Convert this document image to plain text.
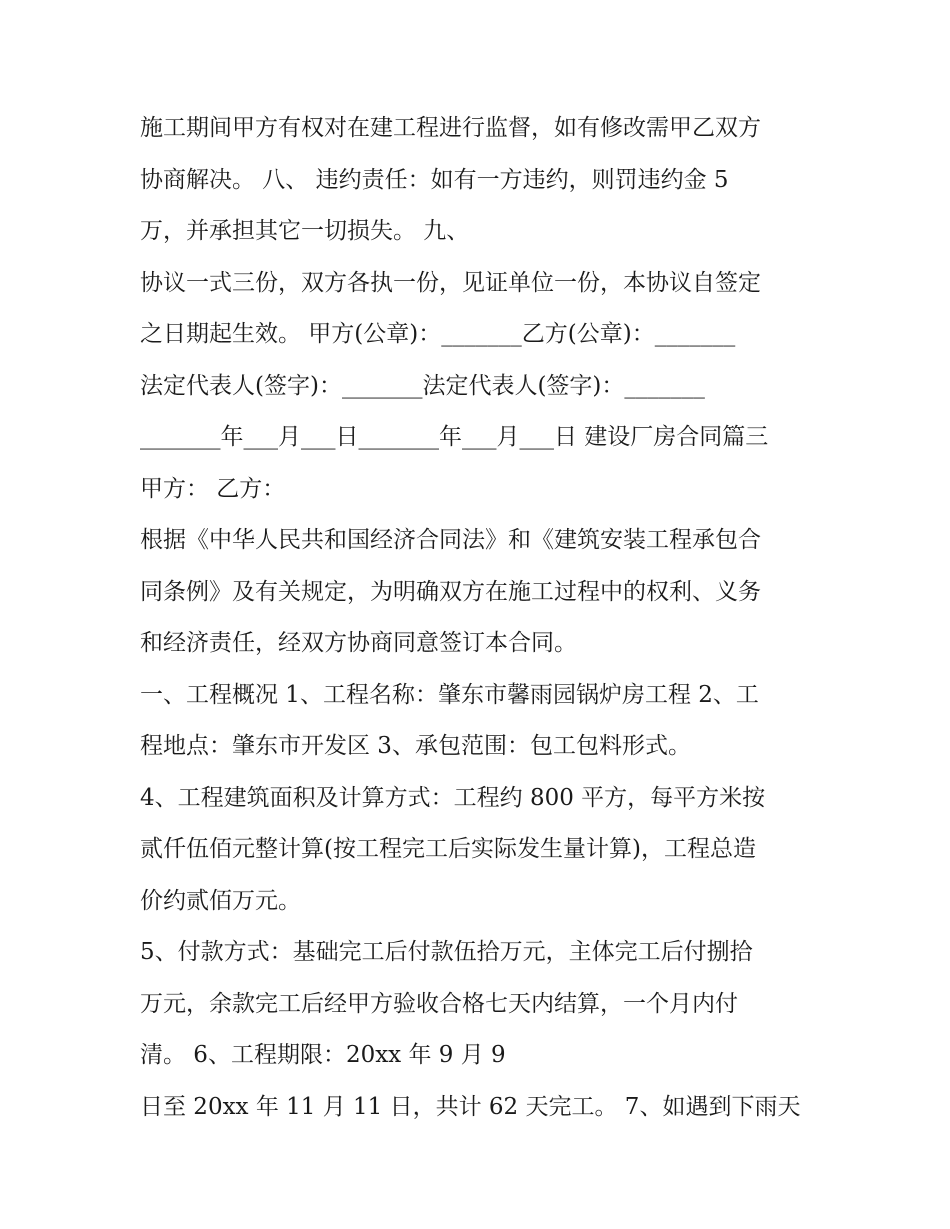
施工期间甲方有权对在建工程进行监督，如有修改需甲乙双方
协商解决。 八、 违约责任：如有一方违约，则罚违约金 5
万，并承担其它一切损失。 九、
协议一式三份，双方各执一份，见证单位一份，本协议自签定
之日期起生效。 甲方(公章)：_______乙方(公章)：_______
法定代表人(签字)：_______法定代表人(签字)：_______
_______年___月___日_______年___月___日 建设厂房合同篇三
甲方： 乙方：
根据《中华人民共和国经济合同法》和《建筑安装工程承包合
同条例》及有关规定，为明确双方在施工过程中的权利、义务
和经济责任，经双方协商同意签订本合同。
一、工程概况 1、工程名称：肇东市馨雨园锅炉房工程 2、工
程地点：肇东市开发区 3、承包范围：包工包料形式。
4、工程建筑面积及计算方式：工程约 800 平方，每平方米按
贰仟伍佰元整计算(按工程完工后实际发生量计算)，工程总造
价约贰佰万元。
5、付款方式：基础完工后付款伍拾万元，主体完工后付捌拾
万元，余款完工后经甲方验收合格七天内结算，一个月内付
清。 6、工程期限：20xx 年 9 月 9
日至 20xx 年 11 月 11 日，共计 62 天完工。 7、如遇到下雨天
